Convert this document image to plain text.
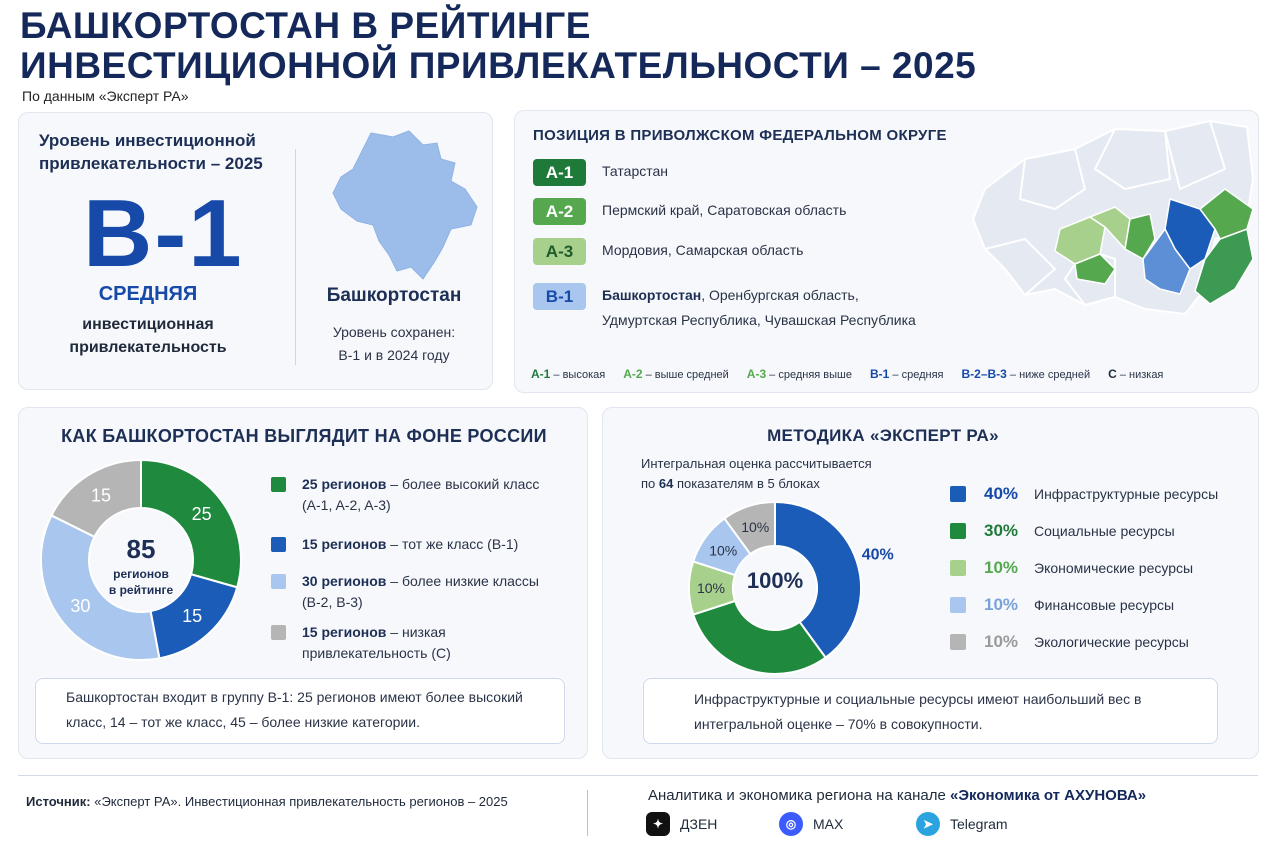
БАШКОРТОСТАН В РЕЙТИНГЕ
ИНВЕСТИЦИОННОЙ ПРИВЛЕКАТЕЛЬНОСТИ – 2025
По данным «Эксперт РА»
Уровень инвестиционной
привлекательности – 2025
B-1
СРЕДНЯЯ
инвестиционная
привлекательность
Башкортостан
Уровень сохранен:
B-1 и в 2024 году
ПОЗИЦИЯ В ПРИВОЛЖСКОМ ФЕДЕРАЛЬНОМ ОКРУГЕ
A-1	Татарстан
A-2	Пермский край, Саратовская область
A-3	Мордовия, Самарская область
B-1	Башкортостан, Оренбургская область,
Удмуртская Республика, Чувашская Республика
A-1 – высокая A-2 – выше средней A-3 – средняя выше B-1 – средняя B-2–B-3 – ниже средней C – низкая
КАК БАШКОРТОСТАН ВЫГЛЯДИТ НА ФОНЕ РОССИИ
85
регионов
в рейтинге
25
15
30
15
25 регионов – более высокий класс
(A-1, A-2, A-3)
15 регионов – тот же класс (B-1)
30 регионов – более низкие классы
(B-2, B-3)
15 регионов – низкая
привлекательность (C)
Башкортостан входит в группу B-1: 25 регионов имеют более высокий
класс, 14 – тот же класс, 45 – более низкие категории.
МЕТОДИКА «ЭКСПЕРТ РА»
Интегральная оценка рассчитывается
по 64 показателям в 5 блоках
100%
40%
10%
10%
10%
40%	Инфраструктурные ресурсы
30%	Социальные ресурсы
10%	Экономические ресурсы
10%	Финансовые ресурсы
10%	Экологические ресурсы
Инфраструктурные и социальные ресурсы имеют наибольший вес в
интегральной оценке – 70% в совокупности.
Источник: «Эксперт РА». Инвестиционная привлекательность регионов – 2025	Аналитика и экономика региона на канале «Экономика от АХУНОВА»
✦	ДЗЕН	◎	MAX	➤	Telegram
